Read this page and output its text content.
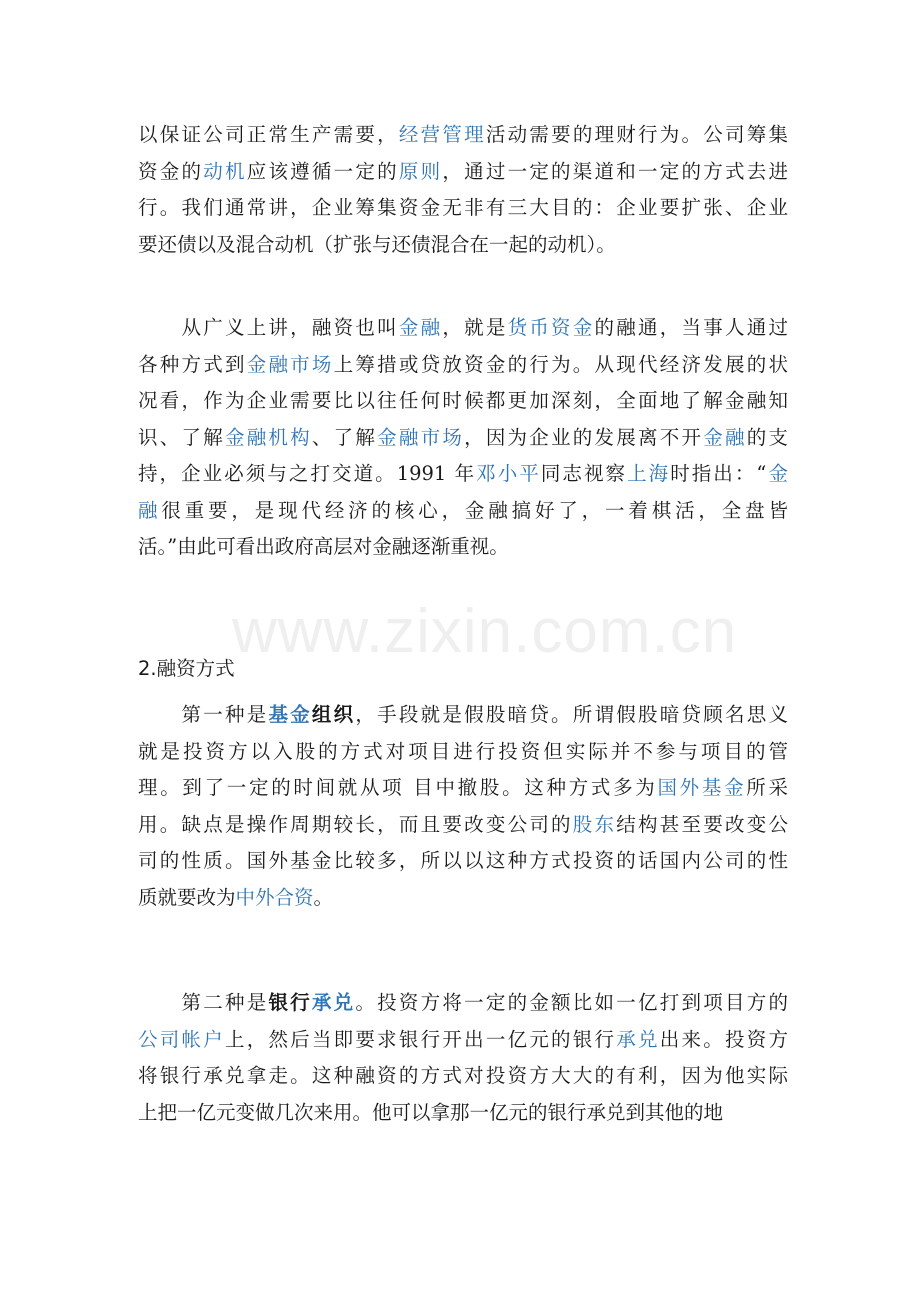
以保证公司正常生产需要，经营管理活动需要的理财行为。公司筹集
资金的动机应该遵循一定的原则，通过一定的渠道和一定的方式去进
行。我们通常讲，企业筹集资金无非有三大目的：企业要扩张、企业
要还债以及混合动机（扩张与还债混合在一起的动机）。
　　从广义上讲，融资也叫金融，就是货币资金的融通，当事人通过
各种方式到金融市场上筹措或贷放资金的行为。从现代经济发展的状
况看，作为企业需要比以往任何时候都更加深刻，全面地了解金融知
识、了解金融机构、了解金融市场，因为企业的发展离不开金融的支
持，企业必须与之打交道。1991 年邓小平同志视察上海时指出：“金
融很重要，是现代经济的核心，金融搞好了，一着棋活，全盘皆
活。”由此可看出政府高层对金融逐渐重视。
2.融资方式
　　第一种是基金组织，手段就是假股暗贷。所谓假股暗贷顾名思义
就是投资方以入股的方式对项目进行投资但实际并不参与项目的管
理。到了一定的时间就从项 目中撤股。这种方式多为国外基金所采
用。缺点是操作周期较长，而且要改变公司的股东结构甚至要改变公
司的性质。国外基金比较多，所以以这种方式投资的话国内公司的性
质就要改为中外合资。
　　第二种是银行承兑。投资方将一定的金额比如一亿打到项目方的
公司帐户上，然后当即要求银行开出一亿元的银行承兑出来。投资方
将银行承兑拿走。这种融资的方式对投资方大大的有利，因为他实际
上把一亿元变做几次来用。他可以拿那一亿元的银行承兑到其他的地
www.zixin.com.cn
